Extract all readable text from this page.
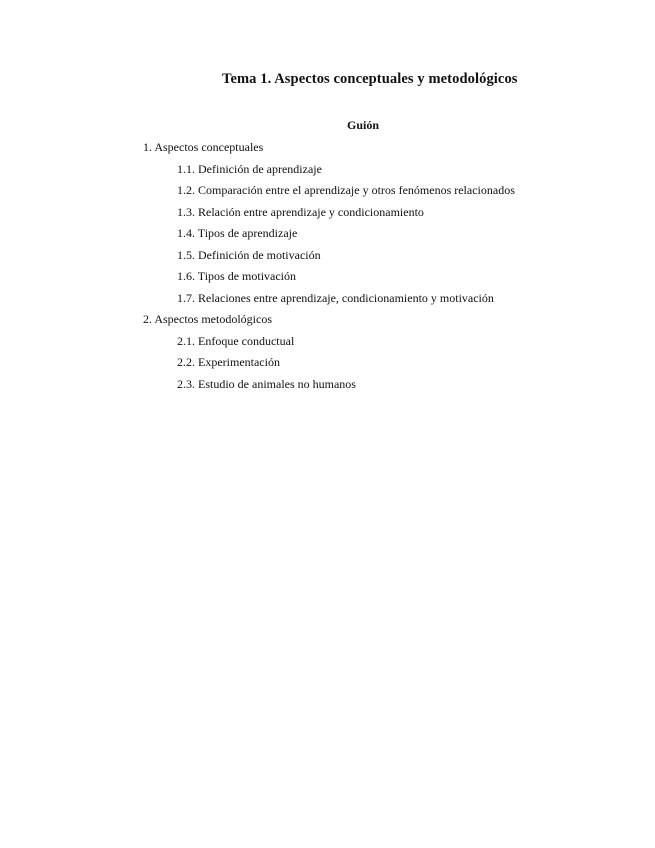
Tema 1. Aspectos conceptuales y metodológicos
Guión
1. Aspectos conceptuales
1.1. Definición de aprendizaje
1.2. Comparación entre el aprendizaje y otros fenómenos relacionados
1.3. Relación entre aprendizaje y condicionamiento
1.4. Tipos de aprendizaje
1.5. Definición de motivación
1.6. Tipos de motivación
1.7. Relaciones entre aprendizaje, condicionamiento y motivación
2. Aspectos metodológicos
2.1. Enfoque conductual
2.2. Experimentación
2.3. Estudio de animales no humanos
